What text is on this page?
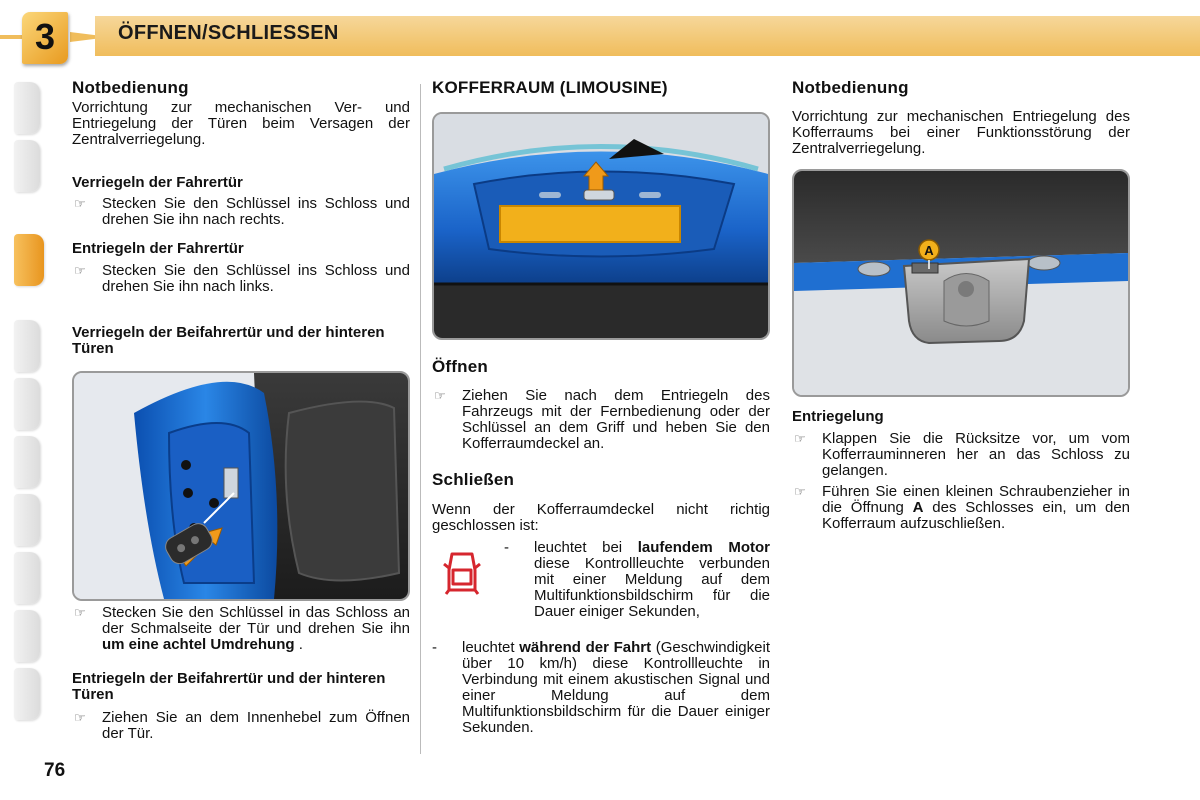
3	ÖFFNEN/SCHLIESSEN
Notbedienung

Vorrichtung zur mechanischen Ver- und Entriegelung der Türen beim Versagen der Zentralverriegelung.

Verriegeln der Fahrertür
☞ Stecken Sie den Schlüssel ins Schloss und drehen Sie ihn nach rechts.
Entriegeln der Fahrertür
☞ Stecken Sie den Schlüssel ins Schloss und drehen Sie ihn nach links.
Verriegeln der Beifahrertür und der hinteren Türen
☞ Stecken Sie den Schlüssel in das Schloss an der Schmalseite der Tür und drehen Sie ihn um eine achtel Umdrehung .
Entriegeln der Beifahrertür und der hinteren Türen
☞ Ziehen Sie an dem Innenhebel zum Öffnen der Tür.
KOFFERRAUM (LIMOUSINE)
Öffnen
☞ Ziehen Sie nach dem Entriegeln des Fahrzeugs mit der Fernbedienung oder der Schlüssel an dem Griff und heben Sie den Kofferraumdeckel an.
Schließen

Wenn der Kofferraumdeckel nicht richtig geschlossen ist:

-	leuchtet bei laufendem Motor diese Kontrollleuchte verbunden mit einer Meldung auf dem Multifunktionsbildschirm für die Dauer einiger Sekunden,
-	leuchtet während der Fahrt (Geschwindigkeit über 10 km/h) diese Kontrollleuchte in Verbindung mit einem akustischen Signal und einer Meldung auf dem Multifunktionsbildschirm für die Dauer einiger Sekunden.
Notbedienung

Vorrichtung zur mechanischen Entriegelung des Kofferraums bei einer Funktionsstörung der Zentralverriegelung.

A
Entriegelung
☞ Klappen Sie die Rücksitze vor, um vom Kofferrauminneren her an das Schloss zu gelangen.
☞ Führen Sie einen kleinen Schraubenzieher in die Öffnung A des Schlosses ein, um den Kofferraum aufzuschließen.
76
